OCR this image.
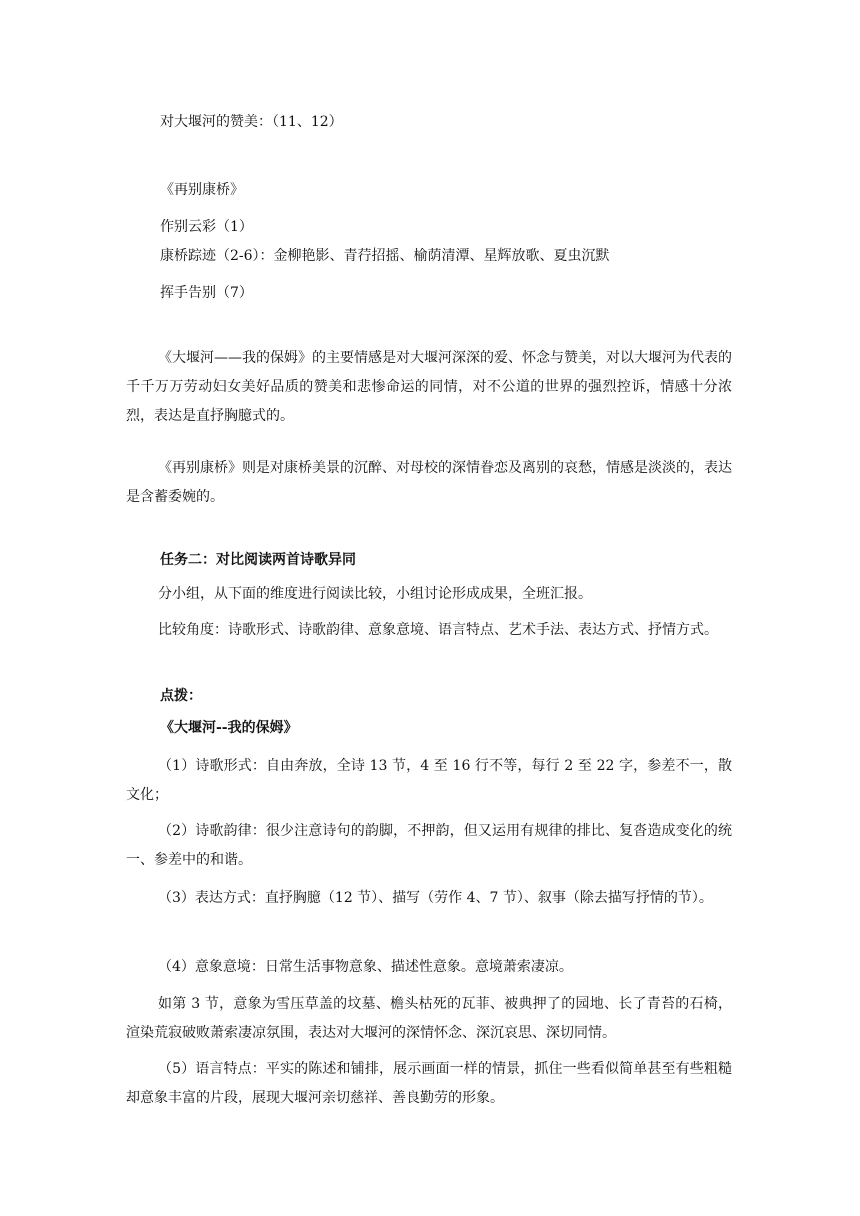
对大堰河的赞美：（11、12）
《再别康桥》
作别云彩（1）
康桥踪迹（2-6）：金柳艳影、青荇招摇、榆荫清潭、星辉放歌、夏虫沉默
挥手告别（7）
《大堰河——我的保姆》的主要情感是对大堰河深深的爱、怀念与赞美，对以大堰河为代表的千千万万劳动妇女美好品质的赞美和悲惨命运的同情，对不公道的世界的强烈控诉，情感十分浓烈，表达是直抒胸臆式的。
《再别康桥》则是对康桥美景的沉醉、对母校的深情眷恋及离别的哀愁，情感是淡淡的，表达是含蓄委婉的。
任务二：对比阅读两首诗歌异同
分小组，从下面的维度进行阅读比较，小组讨论形成成果，全班汇报。
比较角度：诗歌形式、诗歌韵律、意象意境、语言特点、艺术手法、表达方式、抒情方式。
点拨：
《大堰河--我的保姆》
（1）诗歌形式：自由奔放，全诗 13 节，4 至 16 行不等，每行 2 至 22 字，参差不一，散文化；
（2）诗歌韵律：很少注意诗句的韵脚，不押韵，但又运用有规律的排比、复沓造成变化的统一、参差中的和谐。
（3）表达方式：直抒胸臆（12 节）、描写（劳作 4、7 节）、叙事（除去描写抒情的节）。
（4）意象意境：日常生活事物意象、描述性意象。意境萧索凄凉。
如第 3 节，意象为雪压草盖的坟墓、檐头枯死的瓦菲、被典押了的园地、长了青苔的石椅，渲染荒寂破败萧索凄凉氛围，表达对大堰河的深情怀念、深沉哀思、深切同情。
（5）语言特点：平实的陈述和铺排，展示画面一样的情景，抓住一些看似简单甚至有些粗糙却意象丰富的片段，展现大堰河亲切慈祥、善良勤劳的形象。
